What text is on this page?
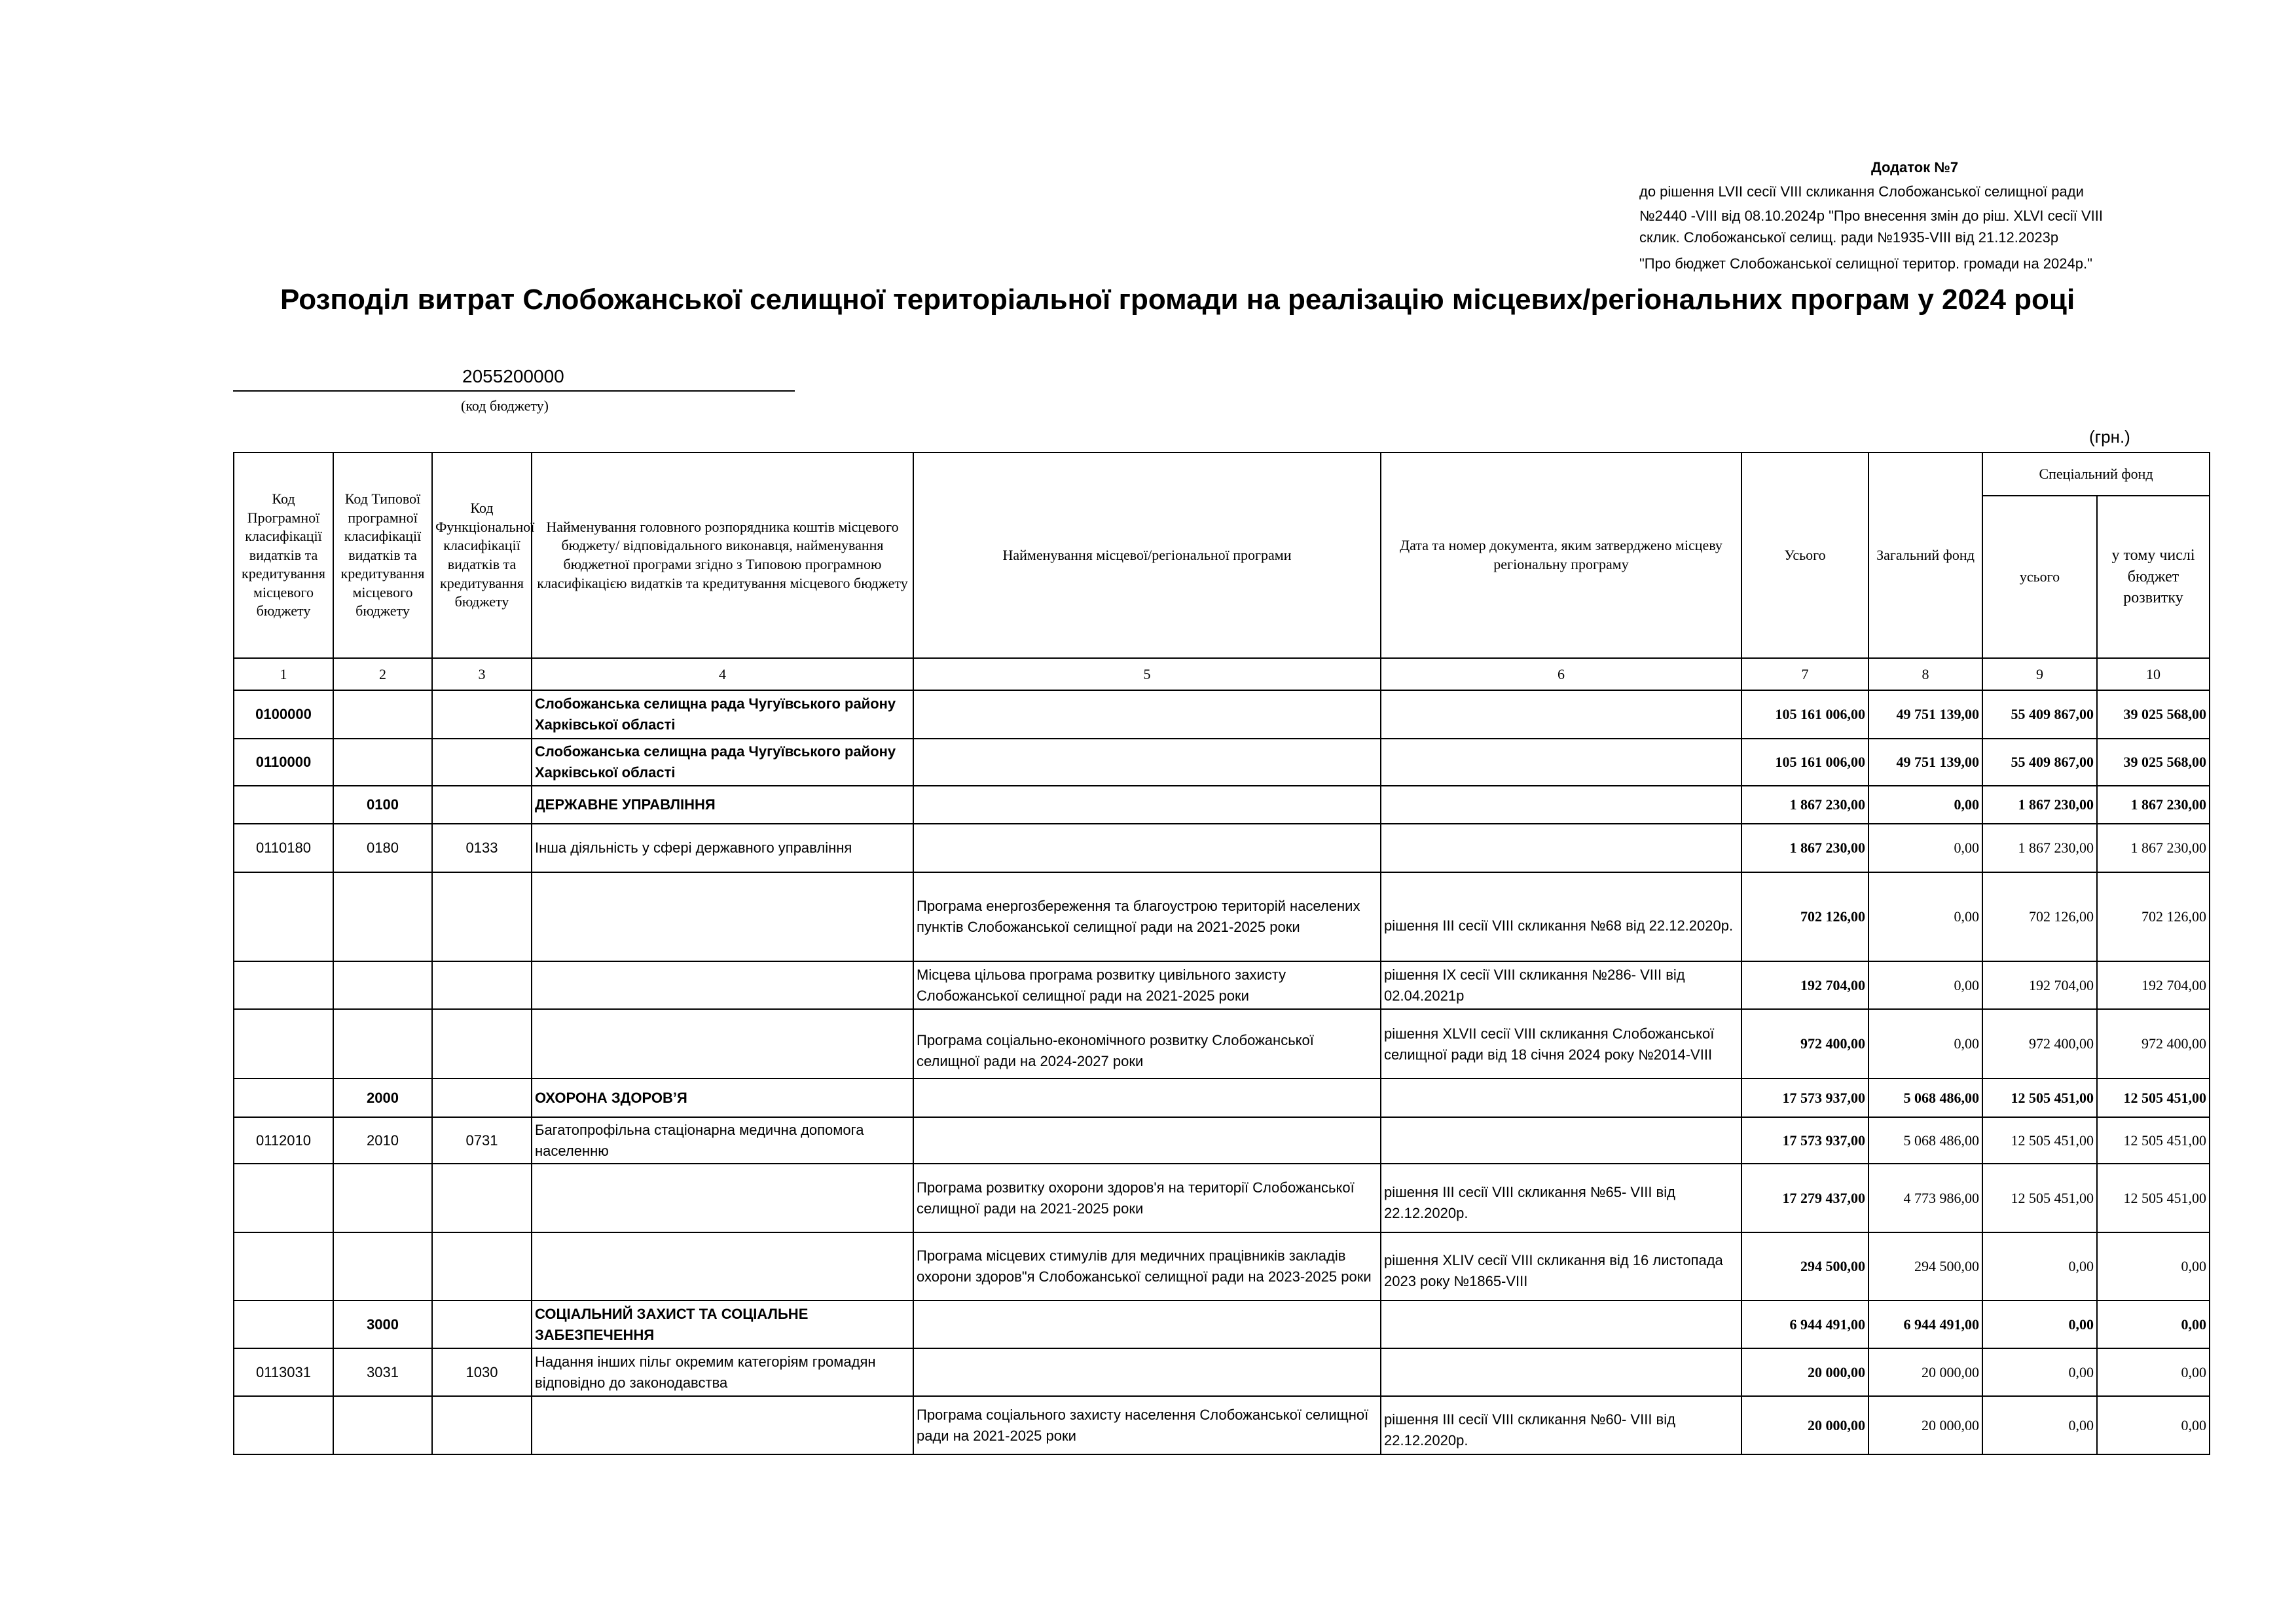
Додаток №7
до рішення LVII сесії VIII скликання Слобожанської селищної ради
№2440 -VIII від 08.10.2024р "Про внесення змін до ріш. XLVI сесії VIII
склик. Слобожанської селищ. ради №1935-VIII від 21.12.2023р
"Про бюджет Слобожанської селищної територ. громади на 2024р."
Розподіл витрат Слобожанської селищної територіальної громади на реалізацію місцевих/регіональних програм у 2024 році
2055200000
(код бюджету)
(грн.)
Код Програмної класифікації видатків та кредитування місцевого бюджету	Код Типової програмної класифікації видатків та кредитування місцевого бюджету	Код Функціональної класифікації видатків та кредитування бюджету	Найменування головного розпорядника коштів місцевого бюджету/ відповідального виконавця, найменування бюджетної програми згідно з Типовою програмною класифікацією видатків та кредитування місцевого бюджету	Найменування місцевої/регіональної програми	Дата та номер документа, яким затверджено місцеву регіональну програму	Усього	Загальний фонд	Спеціальний фонд	
								усього	у тому числі бюджет розвитку
1	2	3	4	5	6	7	8	9	10
0100000			Слобожанська селищна рада Чугуївського району Харківської області			105 161 006,00	49 751 139,00	55 409 867,00	39 025 568,00
0110000			Слобожанська селищна рада Чугуївського району Харківської області			105 161 006,00	49 751 139,00	55 409 867,00	39 025 568,00
	0100		ДЕРЖАВНЕ УПРАВЛІННЯ			1 867 230,00	0,00	1 867 230,00	1 867 230,00
0110180	0180	0133	Інша діяльність у сфері державного управління			1 867 230,00	0,00	1 867 230,00	1 867 230,00
				Програма енергозбереження та благоустрою територій населених пунктів Слобожанської селищної ради на 2021-2025 роки	рішення ІІІ сесії VIII скликання №68 від 22.12.2020р.	702 126,00	0,00	702 126,00	702 126,00
				Місцева цільова програма розвитку цивільного захисту Слобожанської селищної ради на 2021-2025 роки	рішення ІХ сесії VIII скликання №286- VIII від 02.04.2021р	192 704,00	0,00	192 704,00	192 704,00
				Програма соціально-економічного розвитку Слобожанської селищної ради на 2024-2027 роки	рішення XLVII сесії VIII скликання Слобожанської селищної ради від 18 січня 2024 року №2014-VIII	972 400,00	0,00	972 400,00	972 400,00
	2000		ОХОРОНА ЗДОРОВ’Я			17 573 937,00	5 068 486,00	12 505 451,00	12 505 451,00
0112010	2010	0731	Багатопрофільна стаціонарна медична допомога населенню			17 573 937,00	5 068 486,00	12 505 451,00	12 505 451,00
				Програма розвитку охорони здоров'я на території Слобожанської селищної ради на 2021-2025 роки	рішення ІІІ сесії VIII скликання №65- VIII від 22.12.2020р.	17 279 437,00	4 773 986,00	12 505 451,00	12 505 451,00
				Програма місцевих стимулів для медичних працівників закладів охорони здоров"я Слобожанської селищної ради на 2023-2025 роки	рішення XLIV сесії VIII скликання від 16 листопада 2023 року №1865-VIII	294 500,00	294 500,00	0,00	0,00
	3000		СОЦІАЛЬНИЙ ЗАХИСТ ТА СОЦІАЛЬНЕ ЗАБЕЗПЕЧЕННЯ			6 944 491,00	6 944 491,00	0,00	0,00
0113031	3031	1030	Надання інших пільг окремим категоріям громадян відповідно до законодавства			20 000,00	20 000,00	0,00	0,00
				Програма соціального захисту населення Слобожанської селищної ради на 2021-2025 роки	рішення ІІІ сесії VIII скликання №60- VIII від 22.12.2020р.	20 000,00	20 000,00	0,00	0,00
